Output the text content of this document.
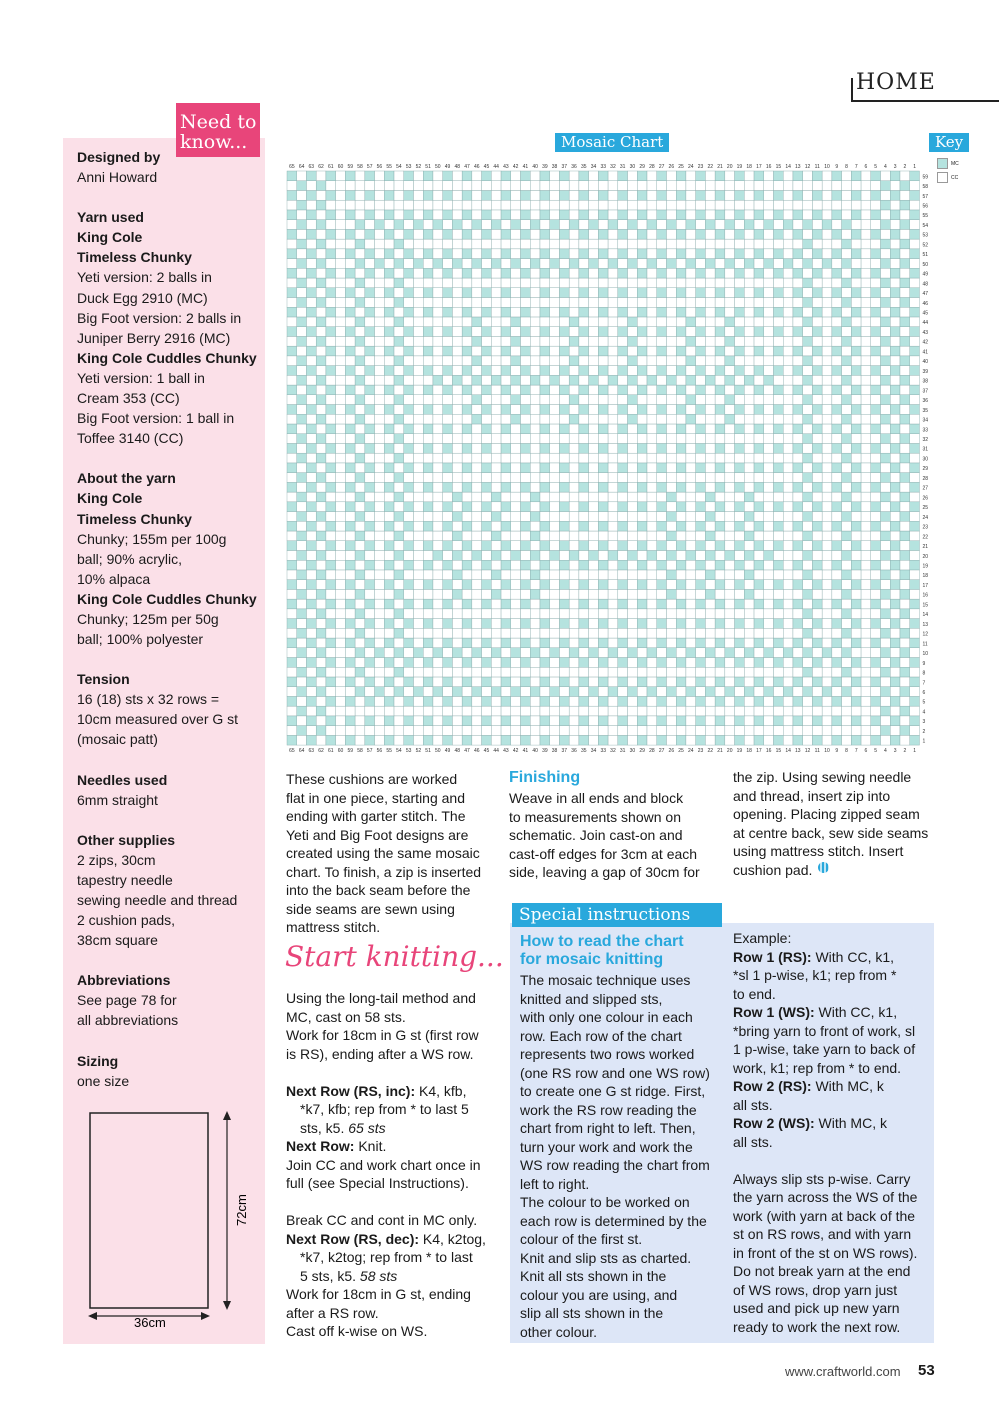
HOME
Need to
know...
Designed by
Anni Howard
Yarn used
King Cole
Timeless Chunky
Yeti version: 2 balls in
Duck Egg 2910 (MC)
Big Foot version: 2 balls in
Juniper Berry 2916 (MC)
King Cole Cuddles Chunky
Yeti version: 1 ball in
Cream 353 (CC)
Big Foot version: 1 ball in
Toffee 3140 (CC)
About the yarn
King Cole
Timeless Chunky
Chunky; 155m per 100g
ball; 90% acrylic,
10% alpaca
King Cole Cuddles Chunky
Chunky; 125m per 50g
ball; 100% polyester
Tension
16 (18) sts x 32 rows =
10cm measured over G st
(mosaic patt)
Needles used
6mm straight
Other supplies
2 zips, 30cm
tapestry needle
sewing needle and thread
2 cushion pads,
38cm square
Abbreviations
See page 78 for
all abbreviations
Sizing
one size
72cm
36cm
Mosaic Chart	Key
MC
CC
65
65
64
64
63
63
62
62
61
61
60
60
59
59
58
58
57
57
56
56
55
55
54
54
53
53
52
52
51
51
50
50
49
49
48
48
47
47
46
46
45
45
44
44
43
43
42
42
41
41
40
40
39
39
38
38
37
37
36
36
35
35
34
34
33
33
32
32
31
31
30
30
29
29
28
28
27
27
26
26
25
25
24
24
23
23
22
22
21
21
20
20
19
19
18
18
17
17
16
16
15
15
14
14
13
13
12
12
11
11
10
10
9
9
8
8
7
7
6
6
5
5
4
4
3
3
2
2
1
1
1
2
3
4
5
6
7
8
9
10
11
12
13
14
15
16
17
18
19
20
21
22
23
24
25
26
27
28
29
30
31
32
33
34
35
36
37
38
39
40
41
42
43
44
45
46
47
48
49
50
51
52
53
54
55
56
57
58
59
These cushions are worked
flat in one piece, starting and
ending with garter stitch. The
Yeti and Big Foot designs are
created using the same mosaic
chart. To finish, a zip is inserted
into the back seam before the
side seams are sewn using
mattress stitch.
Start knitting...
Using the long-tail method and
MC, cast on 58 sts.
Work for 18cm in G st (first row
is RS), ending after a WS row.
Next Row (RS, inc): K4, kfb,
*k7, kfb; rep from * to last 5
sts, k5. 65 sts
Next Row: Knit.
Join CC and work chart once in
full (see Special Instructions).
Break CC and cont in MC only.
Next Row (RS, dec): K4, k2tog,
*k7, k2tog; rep from * to last
5 sts, k5. 58 sts
Work for 18cm in G st, ending
after a RS row.
Cast off k-wise on WS.
Finishing
Weave in all ends and block
to measurements shown on
schematic. Join cast-on and
cast-off edges for 3cm at each
side, leaving a gap of 30cm for
the zip. Using sewing needle
and thread, insert zip into
opening. Placing zipped seam
at centre back, sew side seams
using mattress stitch. Insert
cushion pad.
Special instructions
How to read the chart
for mosaic knitting
The mosaic technique uses
knitted and slipped sts,
with only one colour in each
row. Each row of the chart
represents two rows worked
(one RS row and one WS row)
to create one G st ridge. First,
work the RS row reading the
chart from right to left. Then,
turn your work and work the
WS row reading the chart from
left to right.
The colour to be worked on
each row is determined by the
colour of the first st.
Knit and slip sts as charted.
Knit all sts shown in the
colour you are using, and
slip all sts shown in the
other colour.
Example:
Row 1 (RS): With CC, k1,
*sl 1 p-wise, k1; rep from *
to end.
Row 1 (WS): With CC, k1,
*bring yarn to front of work, sl
1 p-wise, take yarn to back of
work, k1; rep from * to end.
Row 2 (RS): With MC, k
all sts.
Row 2 (WS): With MC, k
all sts.
Always slip sts p-wise. Carry
the yarn across the WS of the
work (with yarn at back of the
st on RS rows, and with yarn
in front of the st on WS rows).
Do not break yarn at the end
of WS rows, drop yarn just
used and pick up new yarn
ready to work the next row.
www.craftworld.com 53
